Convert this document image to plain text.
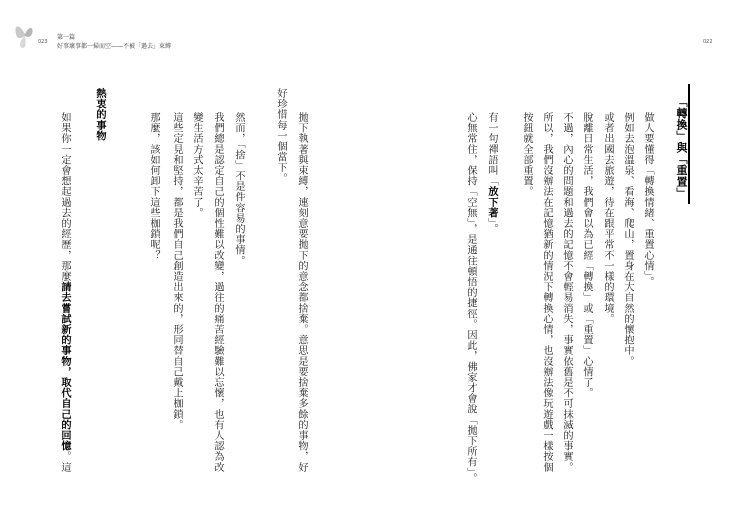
023
第一篇
好事壞事都一掃而空——不被「過去」束縛
022
「轉換」與「重置」
做人要懂得「轉換情緒、重置心情」。
例如去泡溫泉、看海、爬山，置身在大自然的懷抱中。
或者出國去旅遊，待在跟平常不一樣的環境。
脫離日常生活，我們會以為已經「轉換」或「重置」心情了。
不過，內心的問題和過去的記憶不會輕易消失，事實依舊是不可抹滅的事實。
所以，我們沒辦法在記憶猶新的情況下轉換心情，也沒辦法像玩遊戲一樣按個
按鈕就全部重置。
有一句禪語叫「放下著」。
心無常住，保持「空無」，是通往頓悟的捷徑。因此，佛家才會說「拋下所有」。
拋下執著與束縛，連刻意要拋下的意念都捨棄。意思是要捨棄多餘的事物，好
好珍惜每一個當下。
然而，「捨」不是件容易的事情。
我們總是認定自己的個性難以改變，過往的痛苦經驗難以忘懷，也有人認為改
變生活方式太辛苦了。
這些定見和堅持，都是我們自己創造出來的，形同替自己戴上枷鎖。
那麼，該如何卸下這些枷鎖呢？
熱衷的事物
如果你一定會想起過去的經歷，那麼請去嘗試新的事物，取代自己的回憶。這
